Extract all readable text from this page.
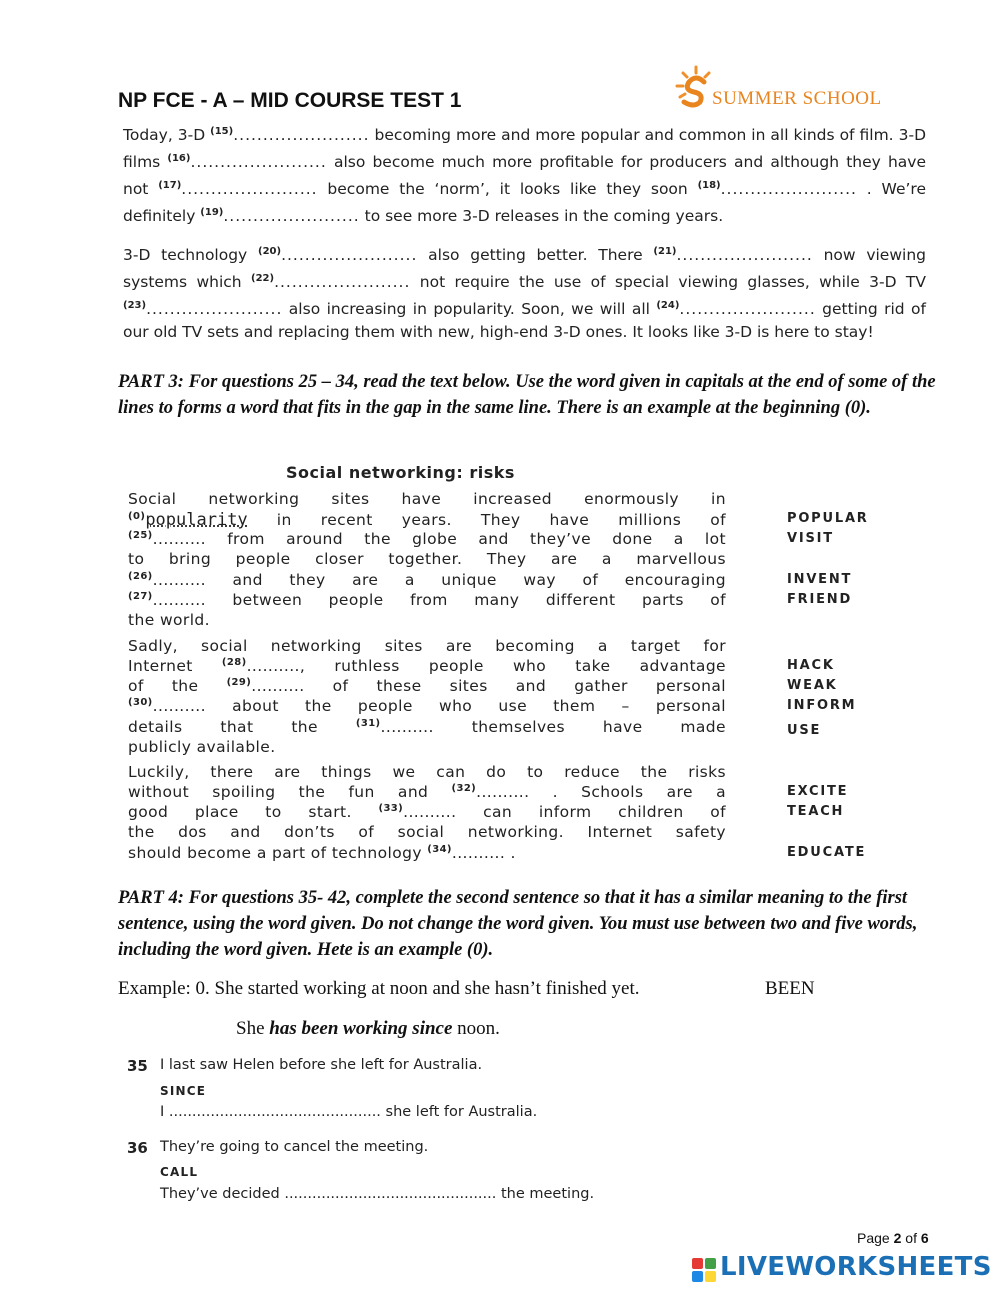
NP FCE - A – MID COURSE TEST 1	SUMMER SCHOOL
Today, 3-D $^{(15)}$....................... becoming more and more popular and common in all kinds of film. 3-D films $^{(16)}$....................... also become much more profitable for producers and although they have not $^{(17)}$....................... become the ‘norm’, it looks like they soon $^{(18)}$....................... . We’re definitely $^{(19)}$....................... to see more 3-D releases in the coming years.
3-D technology $^{(20)}$....................... also getting better. There $^{(21)}$....................... now viewing systems which $^{(22)}$....................... not require the use of special viewing glasses, while 3-D TV $^{(23)}$....................... also increasing in popularity. Soon, we will all $^{(24)}$....................... getting rid of our old TV sets and replacing them with new, high-end 3-D ones. It looks like 3-D is here to stay!
PART 3: For questions 25 – 34, read the text below. Use the word given in capitals at the end of some of the lines to forms a word that fits in the gap in the same line. There is an example at the beginning (0).
Social networking: risks
Social networking sites have increased enormously in
$^{(0)}$popularity in recent years. They have millions of
$^{(25)}$.......... from around the globe and they’ve done a lot
to bring people closer together. They are a marvellous
$^{(26)}$.......... and they are a unique way of encouraging
$^{(27)}$.......... between people from many different parts of
the world.
Sadly, social networking sites are becoming a target for
Internet $^{(28)}$.........., ruthless people who take advantage
of the $^{(29)}$.......... of these sites and gather personal
$^{(30)}$.......... about the people who use them – personal
details that the $^{(31)}$.......... themselves have made
publicly available.
Luckily, there are things we can do to reduce the risks
without spoiling the fun and $^{(32)}$.......... . Schools are a
good place to start. $^{(33)}$.......... can inform children of
the dos and don’ts of social networking. Internet safety
should become a part of technology $^{(34)}$.......... .
POPULAR
VISIT
INVENT
FRIEND
HACK
WEAK
INFORM
USE
EXCITE
TEACH
EDUCATE
PART 4: For questions 35- 42, complete the second sentence so that it has a similar meaning to the first sentence, using the word given. Do not change the word given. You must use between two and five words, including the word given. Hete is an example (0).
Example: 0. She started working at noon and she hasn’t finished yet.	BEEN
She has been working since noon.
35 I last saw Helen before she left for Australia.
SINCE
I .............................................. she left for Australia.
36 They’re going to cancel the meeting.
CALL
They’ve decided .............................................. the meeting.
Page 2 of 6
LIVEWORKSHEETS
